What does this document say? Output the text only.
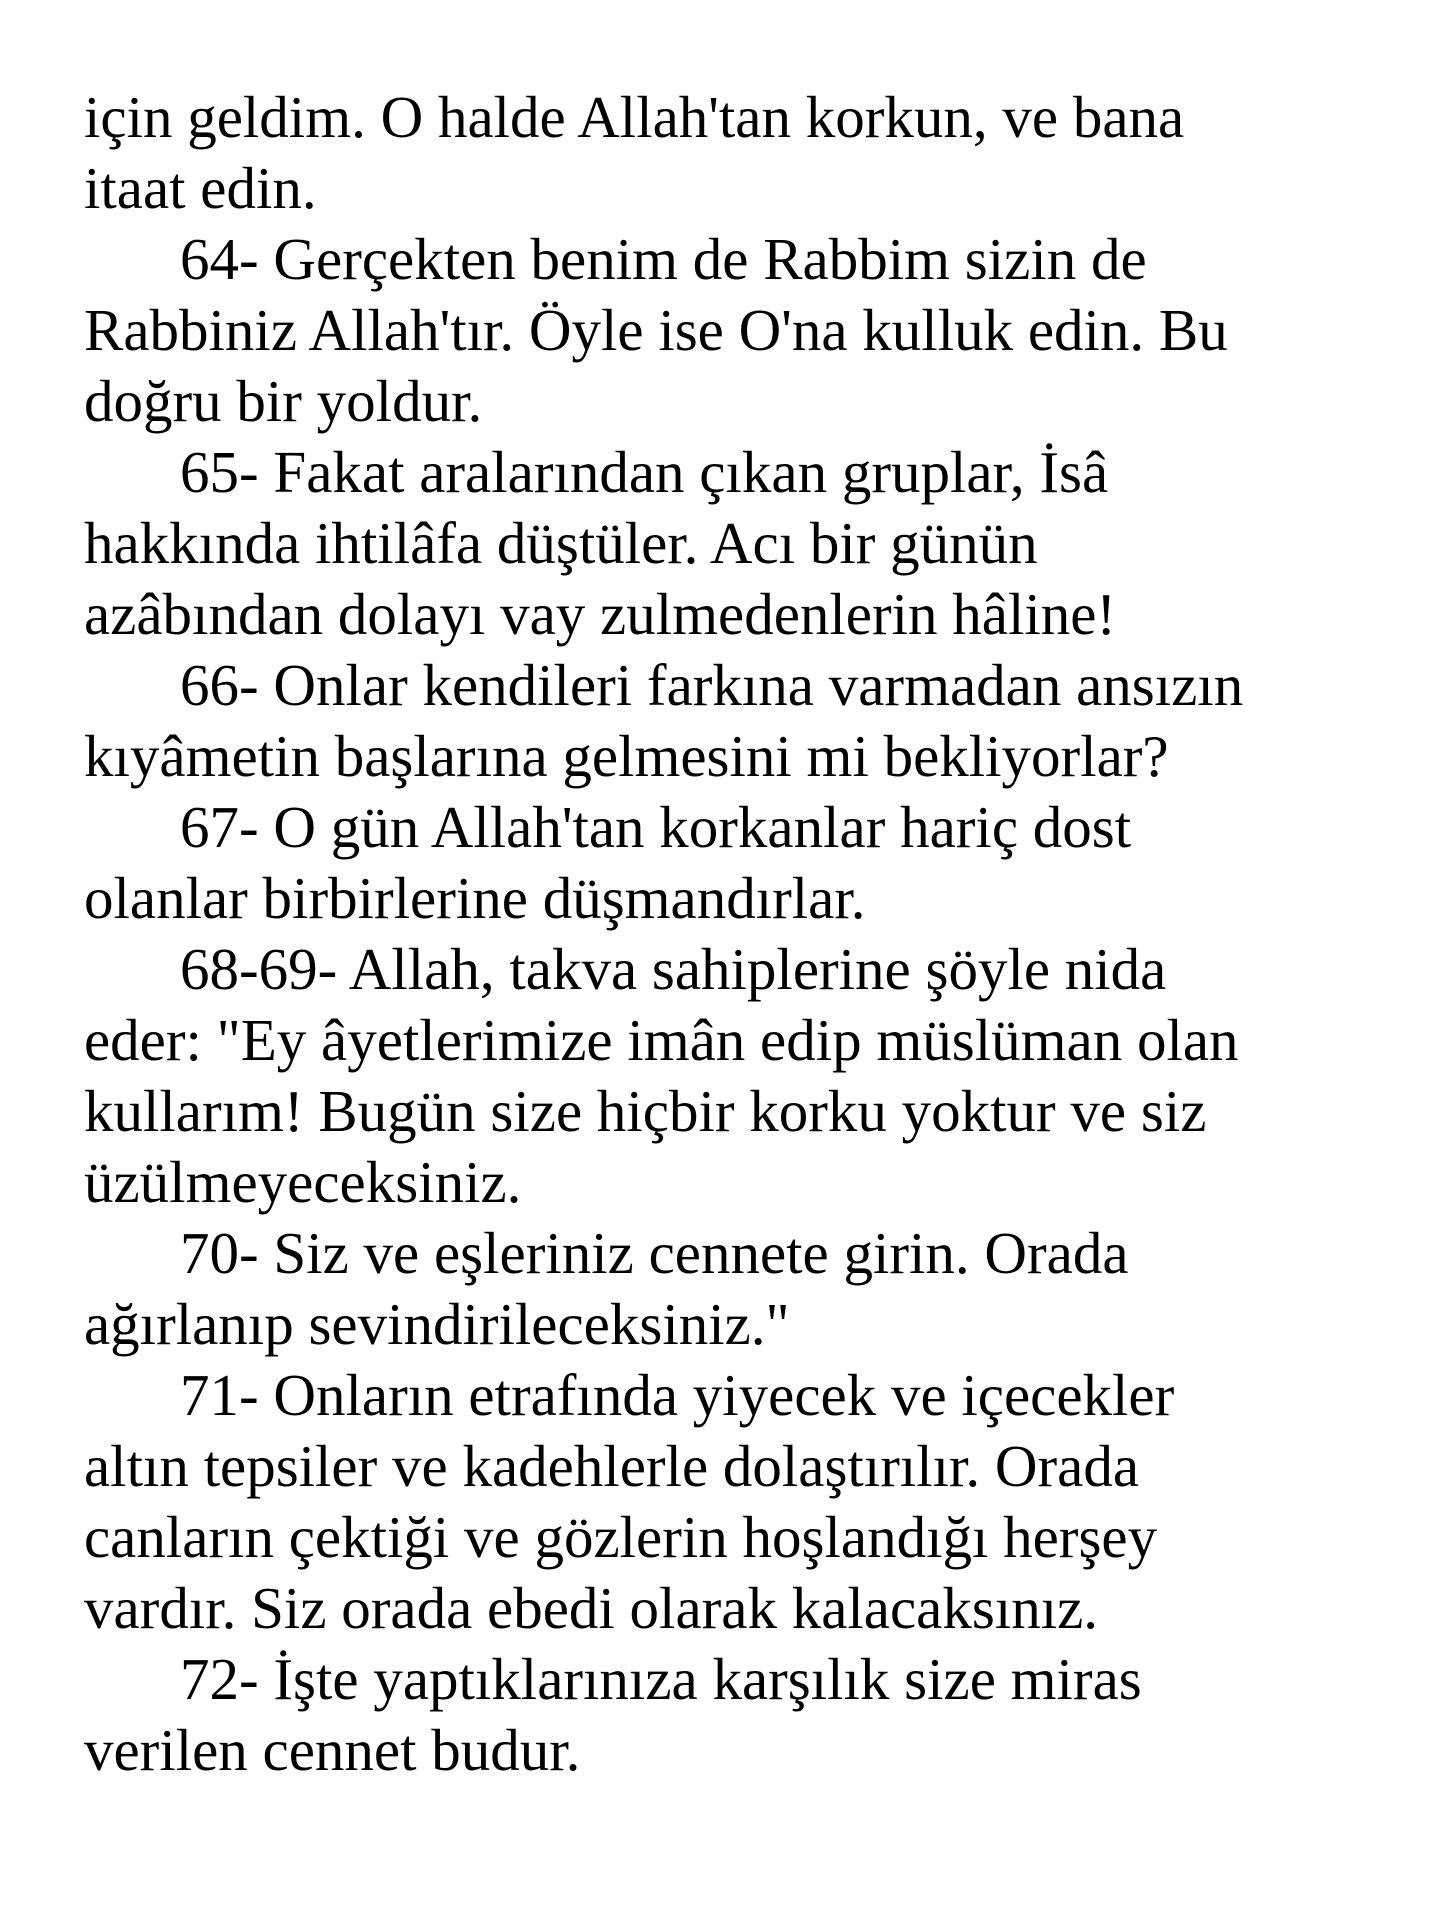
için geldim. O halde Allah'tan korkun, ve bana
itaat edin.

64- Gerçekten benim de Rabbim sizin de
Rabbiniz Allah'tır. Öyle ise O'na kulluk edin. Bu
doğru bir yoldur.

65- Fakat aralarından çıkan gruplar, İsâ
hakkında ihtilâfa düştüler. Acı bir günün
azâbından dolayı vay zulmedenlerin hâline!

66- Onlar kendileri farkına varmadan ansızın
kıyâmetin başlarına gelmesini mi bekliyorlar?

67- O gün Allah'tan korkanlar hariç dost
olanlar birbirlerine düşmandırlar.

68-69- Allah, takva sahiplerine şöyle nida
eder: "Ey âyetlerimize imân edip müslüman olan
kullarım! Bugün size hiçbir korku yoktur ve siz
üzülmeyeceksiniz.

70- Siz ve eşleriniz cennete girin. Orada
ağırlanıp sevindirileceksiniz."

71- Onların etrafında yiyecek ve içecekler
altın tepsiler ve kadehlerle dolaştırılır. Orada
canların çektiği ve gözlerin hoşlandığı herşey
vardır. Siz orada ebedi olarak kalacaksınız.

72- İşte yaptıklarınıza karşılık size miras
verilen cennet budur.
